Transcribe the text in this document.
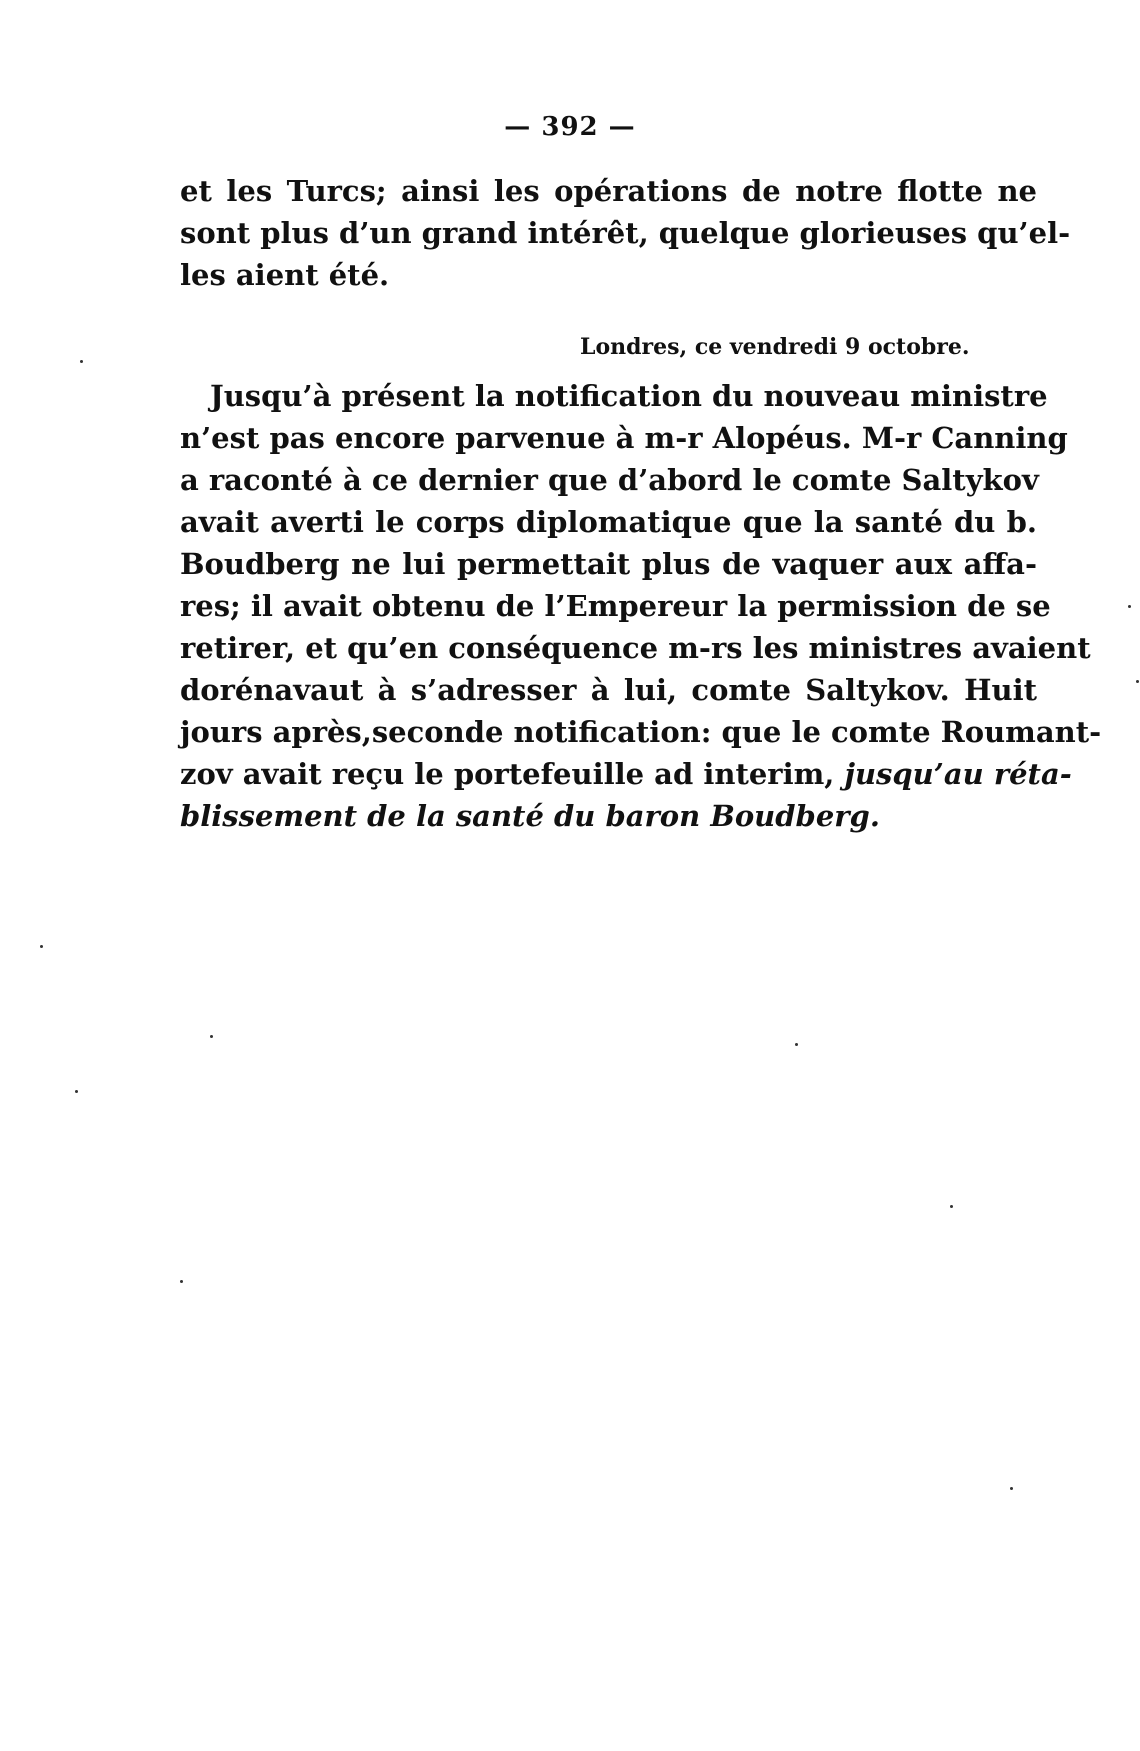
— 392 —
et les Turcs; ainsi les opérations de notre flotte ne
sont plus d’un grand intérêt, quelque glorieuses qu’el-
les aient été.
Londres, ce vendredi 9 octobre.
Jusqu’à présent la notification du nouveau ministre
n’est pas encore parvenue à m-r Alopéus. M-r Canning
a raconté à ce dernier que d’abord le comte Saltykov
avait averti le corps diplomatique que la santé du b.
Boudberg ne lui permettait plus de vaquer aux affa-
res; il avait obtenu de l’Empereur la permission de se
retirer, et qu’en conséquence m-rs les ministres avaient
dorénavaut à s’adresser à lui, comte Saltykov. Huit
jours après,seconde notification: que le comte Roumant-
zov avait reçu le portefeuille ad interim, jusqu’au réta-
blissement de la santé du baron Boudberg.
